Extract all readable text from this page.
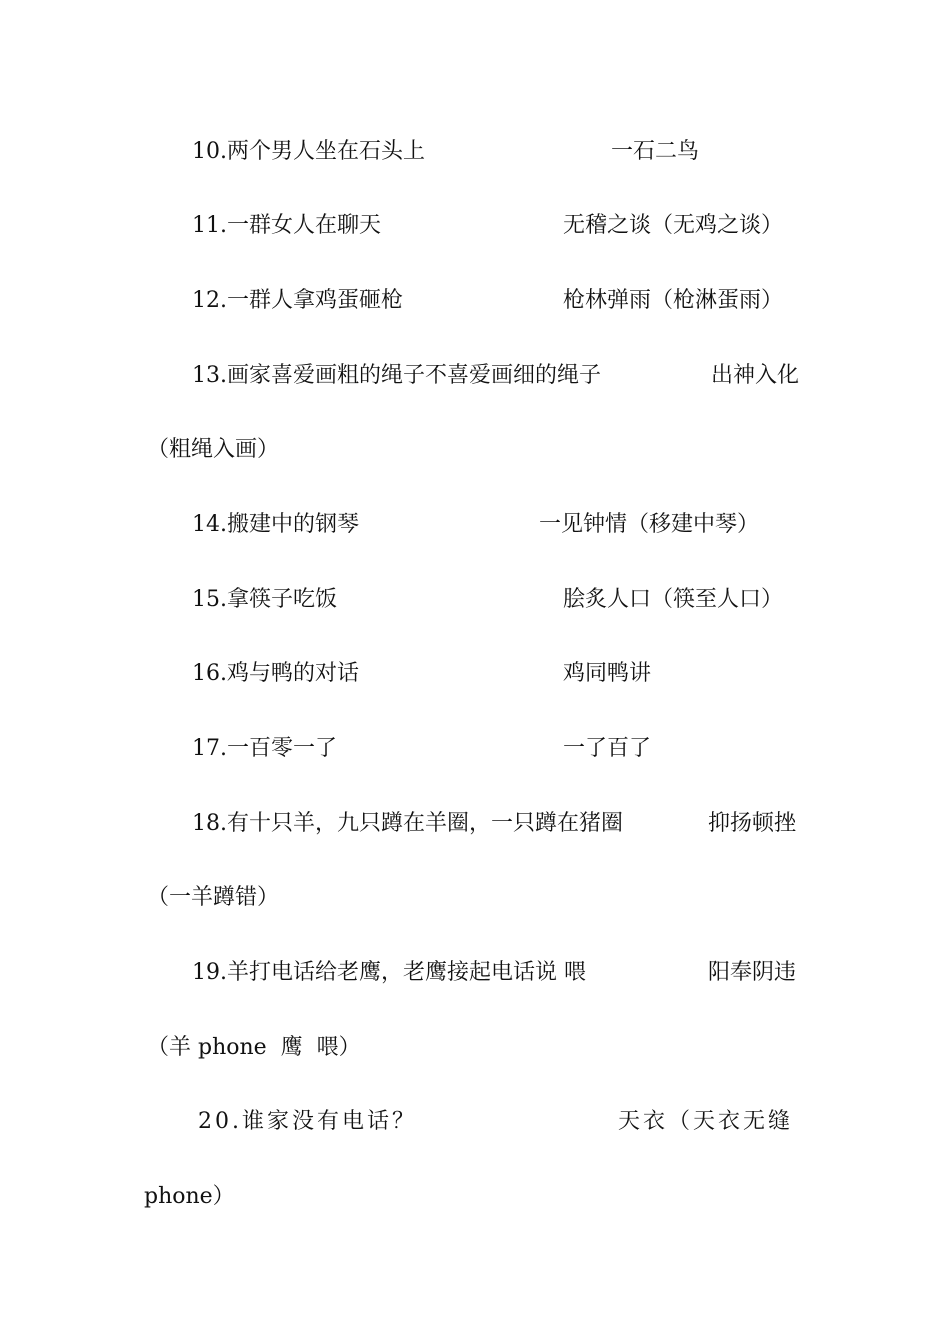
10.两个男人坐在石头上	一石二鸟
11.一群女人在聊天	无稽之谈（无鸡之谈）
12.一群人拿鸡蛋砸枪	枪林弹雨（枪淋蛋雨）
13.画家喜爱画粗的绳子不喜爱画细的绳子	出神入化
（粗绳入画）
14.搬建中的钢琴	一见钟情（移建中琴）
15.拿筷子吃饭	脍炙人口（筷至人口）
16.鸡与鸭的对话	鸡同鸭讲
17.一百零一了	一了百了
18.有十只羊，九只蹲在羊圈，一只蹲在猪圈	抑扬顿挫
（一羊蹲错）
19.羊打电话给老鹰，老鹰接起电话说 喂	阳奉阴违
（羊 phone  鹰  喂）
20.谁家没有电话？	天衣（天衣无缝
phone）
